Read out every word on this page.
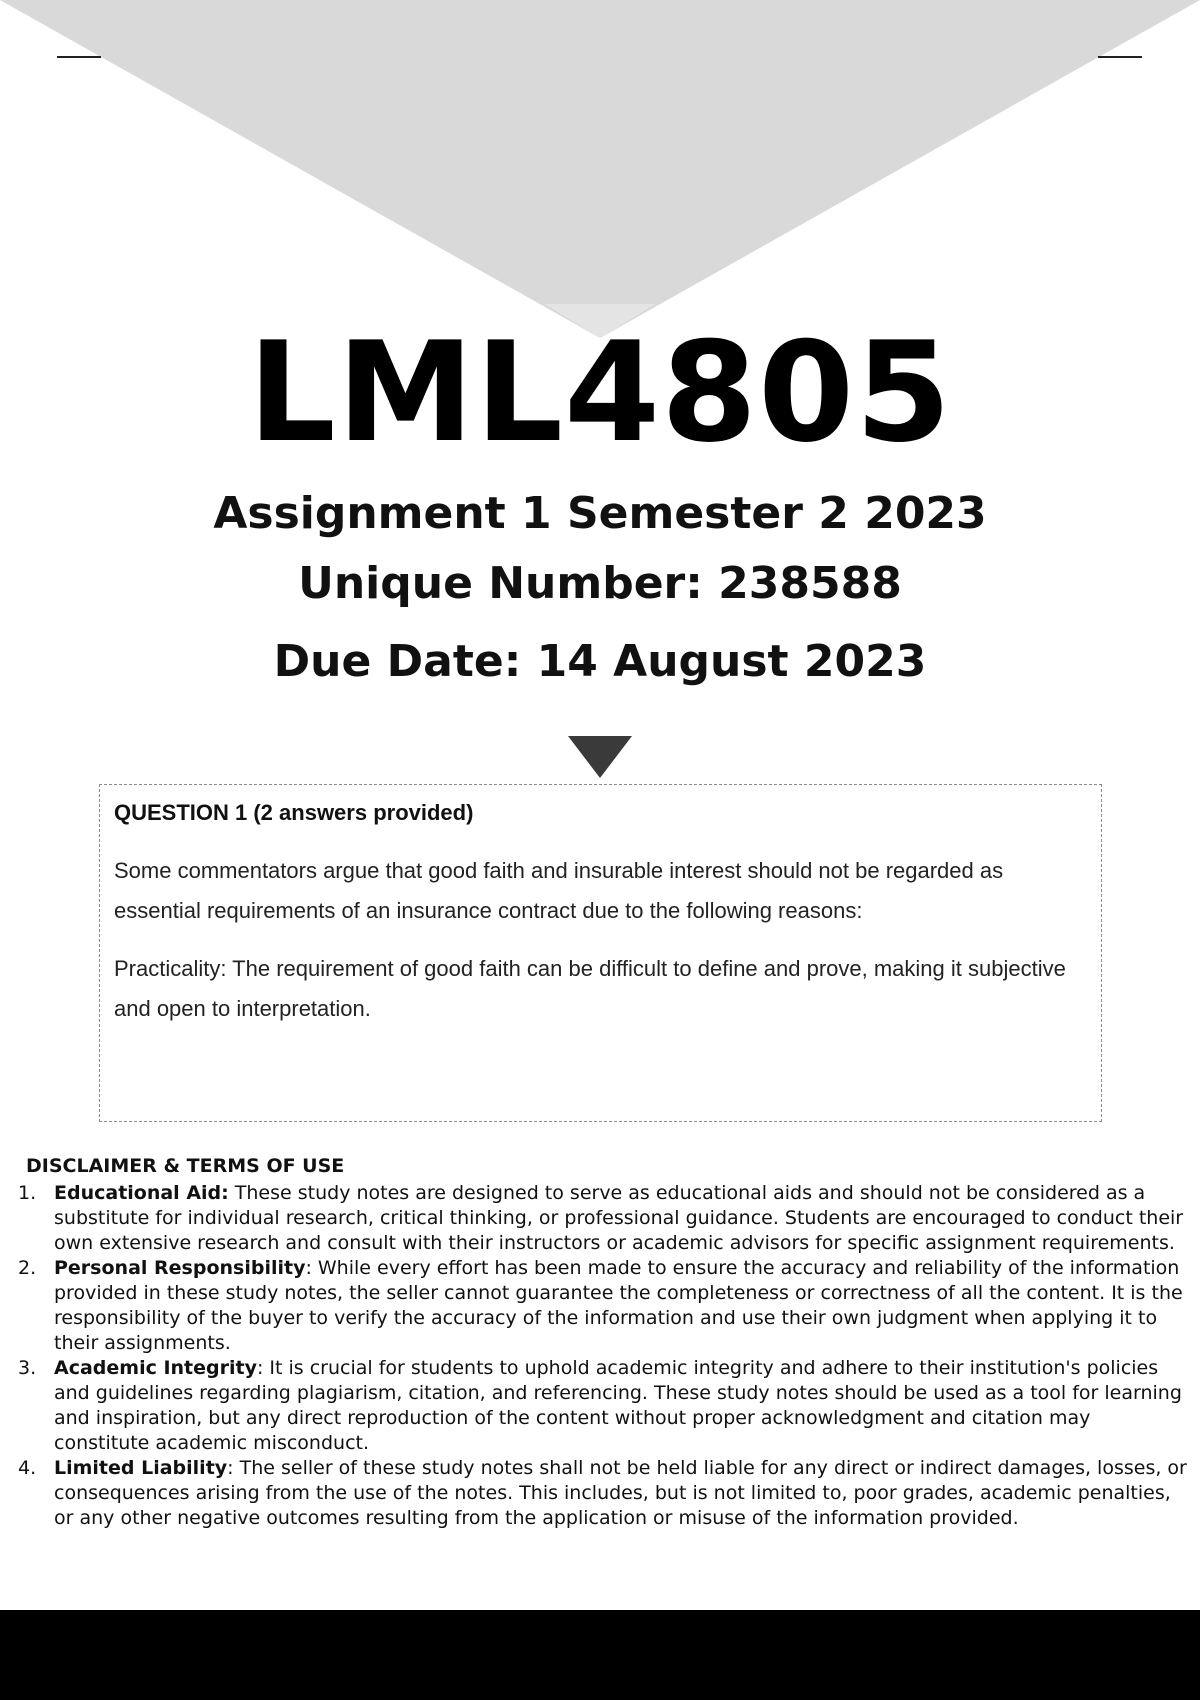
LML4805
Assignment 1 Semester 2 2023
Unique Number: 238588
Due Date: 14 August 2023

QUESTION 1 (2 answers provided)

Some commentators argue that good faith and insurable interest should not be regarded as essential requirements of an insurance contract due to the following reasons:

Practicality: The requirement of good faith can be difficult to define and prove, making it subjective and open to interpretation.

DISCLAIMER & TERMS OF USE
1. Educational Aid: These study notes are designed to serve as educational aids and should not be considered as a substitute for individual research, critical thinking, or professional guidance. Students are encouraged to conduct their own extensive research and consult with their instructors or academic advisors for specific assignment requirements.
2. Personal Responsibility: While every effort has been made to ensure the accuracy and reliability of the information provided in these study notes, the seller cannot guarantee the completeness or correctness of all the content. It is the responsibility of the buyer to verify the accuracy of the information and use their own judgment when applying it to their assignments.
3. Academic Integrity: It is crucial for students to uphold academic integrity and adhere to their institution's policies and guidelines regarding plagiarism, citation, and referencing. These study notes should be used as a tool for learning and inspiration, but any direct reproduction of the content without proper acknowledgment and citation may constitute academic misconduct.
4. Limited Liability: The seller of these study notes shall not be held liable for any direct or indirect damages, losses, or consequences arising from the use of the notes. This includes, but is not limited to, poor grades, academic penalties, or any other negative outcomes resulting from the application or misuse of the information provided.
